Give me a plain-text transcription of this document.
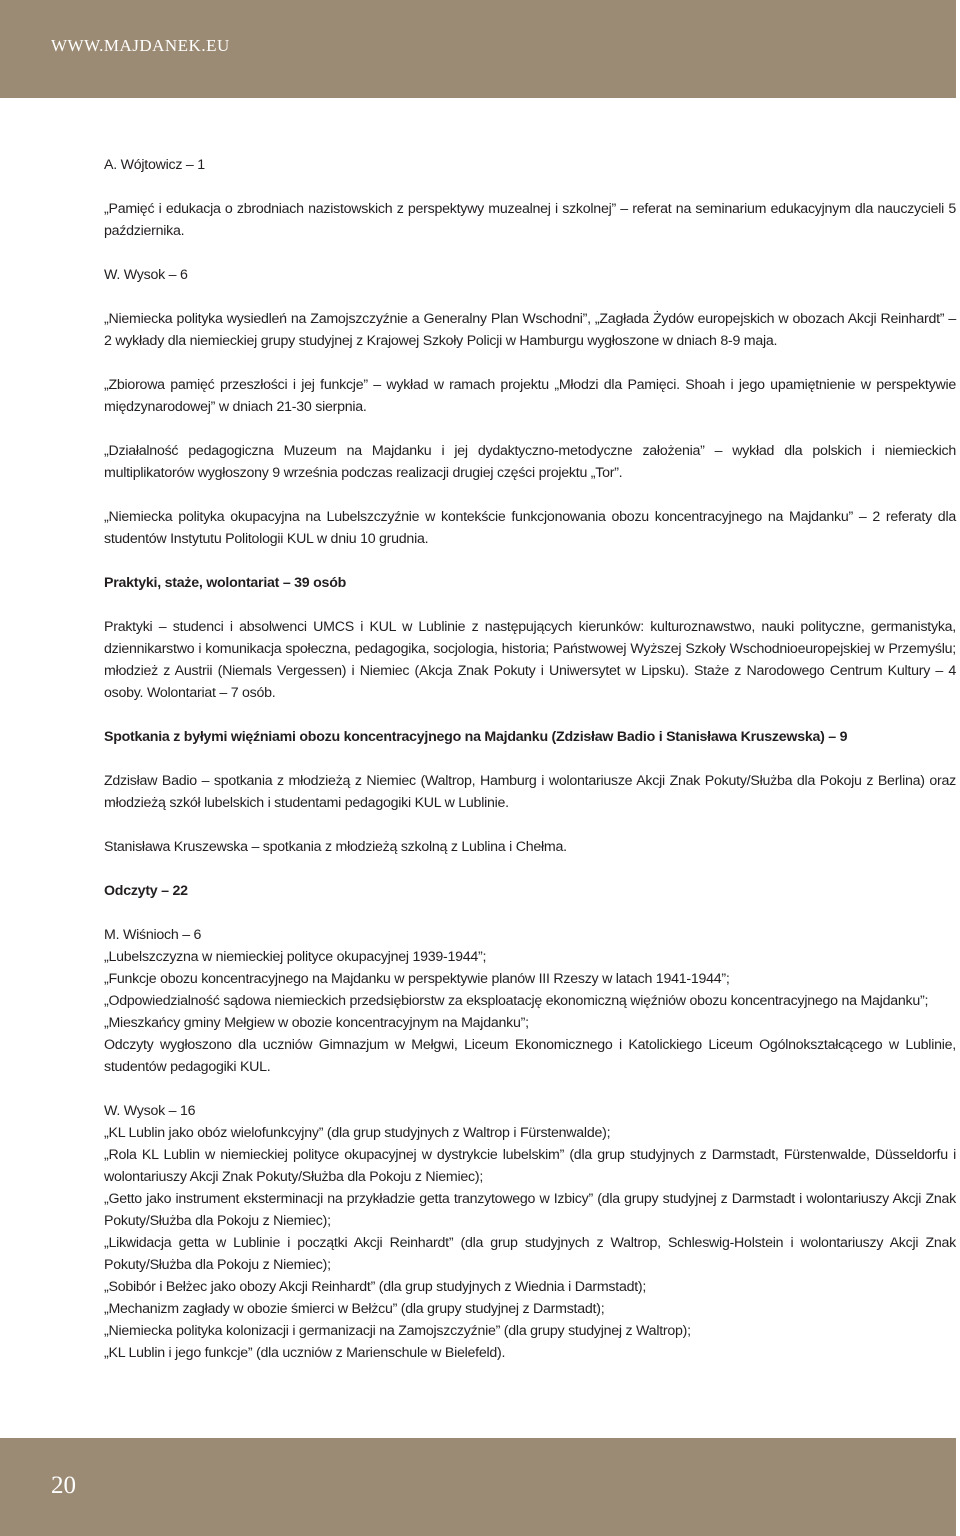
WWW.MAJDANEK.EU

A. Wójtowicz – 1

„Pamięć i edukacja o zbrodniach nazistowskich z perspektywy muzealnej i szkolnej” – referat na seminarium edukacyjnym dla nauczycieli 5 października.

W. Wysok – 6

„Niemiecka polityka wysiedleń na Zamojszczyźnie a Generalny Plan Wschodni”, „Zagłada Żydów europejskich w obozach Akcji Reinhardt” – 2 wykłady dla niemieckiej grupy studyjnej z Krajowej Szkoły Policji w Hamburgu wygłoszone w dniach 8-9 maja.

„Zbiorowa pamięć przeszłości i jej funkcje” – wykład w ramach projektu „Młodzi dla Pamięci. Shoah i jego upamiętnienie w perspektywie międzynarodowej” w dniach 21-30 sierpnia.

„Działalność pedagogiczna Muzeum na Majdanku i jej dydaktyczno-metodyczne założenia” – wykład dla polskich i niemieckich multiplikatorów wygłoszony 9 września podczas realizacji drugiej części projektu „Tor”.

„Niemiecka polityka okupacyjna na Lubelszczyźnie w kontekście funkcjonowania obozu koncentracyjnego na Majdanku” – 2 referaty dla studentów Instytutu Politologii KUL w dniu 10 grudnia.

Praktyki, staże, wolontariat – 39 osób

Praktyki – studenci i absolwenci UMCS i KUL w Lublinie z następujących kierunków: kulturoznawstwo, nauki polityczne, germanistyka, dziennikarstwo i komunikacja społeczna, pedagogika, socjologia, historia; Państwowej Wyższej Szkoły Wschodnioeuropejskiej w Przemyślu; młodzież z Austrii (Niemals Vergessen) i Niemiec (Akcja Znak Pokuty i Uniwersytet w Lipsku). Staże z Narodowego Centrum Kultury – 4 osoby. Wolontariat – 7 osób.

Spotkania z byłymi więźniami obozu koncentracyjnego na Majdanku (Zdzisław Badio i Stanisława Kruszewska) – 9

Zdzisław Badio – spotkania z młodzieżą z Niemiec (Waltrop, Hamburg i wolontariusze Akcji Znak Pokuty/Służba dla Pokoju z Berlina) oraz młodzieżą szkół lubelskich i studentami pedagogiki KUL w Lublinie.

Stanisława Kruszewska – spotkania z młodzieżą szkolną z Lublina i Chełma.

Odczyty – 22

M. Wiśnioch – 6

„Lubelszczyzna w niemieckiej polityce okupacyjnej 1939-1944”;

„Funkcje obozu koncentracyjnego na Majdanku w perspektywie planów III Rzeszy w latach 1941-1944”;

„Odpowiedzialność sądowa niemieckich przedsiębiorstw za eksploatację ekonomiczną więźniów obozu koncentracyjnego na Majdanku”;

„Mieszkańcy gminy Mełgiew w obozie koncentracyjnym na Majdanku”;

Odczyty wygłoszono dla uczniów Gimnazjum w Mełgwi, Liceum Ekonomicznego i Katolickiego Liceum Ogólnokształcącego w Lublinie, studentów pedagogiki KUL.

W. Wysok – 16

„KL Lublin jako obóz wielofunkcyjny” (dla grup studyjnych z Waltrop i Fürstenwalde);

„Rola KL Lublin w niemieckiej polityce okupacyjnej w dystrykcie lubelskim” (dla grup studyjnych z Darmstadt, Fürstenwalde, Düsseldorfu i wolontariuszy Akcji Znak Pokuty/Służba dla Pokoju z Niemiec);

„Getto jako instrument eksterminacji na przykładzie getta tranzytowego w Izbicy” (dla grupy studyjnej z Darmstadt i wolontariuszy Akcji Znak Pokuty/Służba dla Pokoju z Niemiec);

„Likwidacja getta w Lublinie i początki Akcji Reinhardt” (dla grup studyjnych z Waltrop, Schleswig-Holstein i wolontariuszy Akcji Znak Pokuty/Służba dla Pokoju z Niemiec);

„Sobibór i Bełżec jako obozy Akcji Reinhardt” (dla grup studyjnych z Wiednia i Darmstadt);

„Mechanizm zagłady w obozie śmierci w Bełżcu” (dla grupy studyjnej z Darmstadt);

„Niemiecka polityka kolonizacji i germanizacji na Zamojszczyźnie” (dla grupy studyjnej z Waltrop);

„KL Lublin i jego funkcje” (dla uczniów z Marienschule w Bielefeld).

20
